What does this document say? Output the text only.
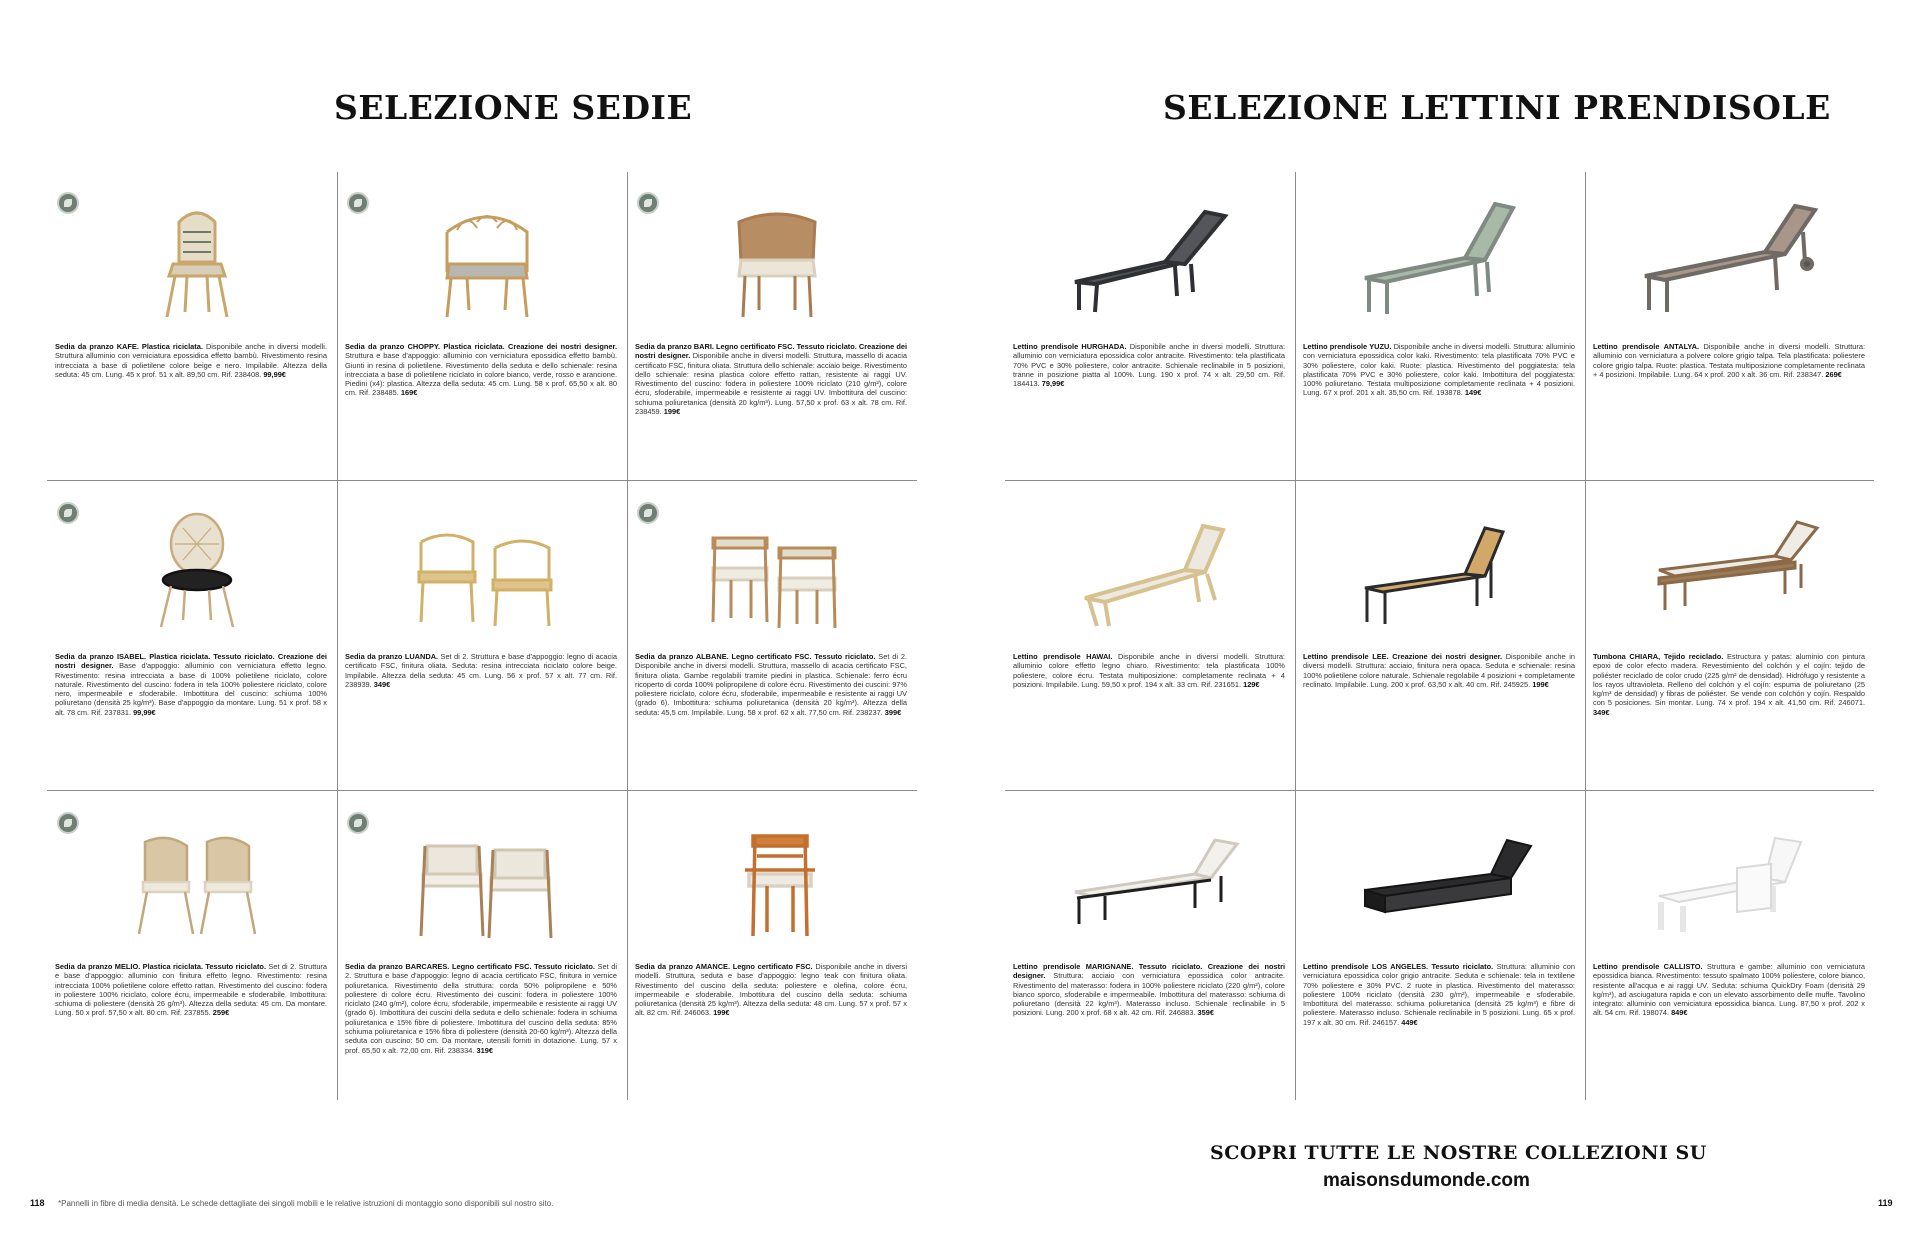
SELEZIONE SEDIE	SELEZIONE LETTINI PRENDISOLE
Sedia da pranzo KAFE. Plastica riciclata. Disponibile anche in diversi modelli. Struttura alluminio con verniciatura epossidica effetto bambù. Rivestimento resina intrecciata a base di polietilene colore beige e nero. Impilabile. Altezza della seduta: 45 cm. Lung. 45 x prof. 51 x alt. 89,50 cm. Rif. 238408. 99,99€
Sedia da pranzo CHOPPY. Plastica riciclata. Creazione dei nostri designer. Struttura e base d'appoggio: alluminio con verniciatura epossidica effetto bambù. Giunti in resina di polietilene. Rivestimento della seduta e dello schienale: resina intrecciata a base di polietilene riciclato in colore bianco, verde, rosso e arancione. Piedini (x4): plastica. Altezza della seduta: 45 cm. Lung. 58 x prof. 65,50 x alt. 80 cm. Rif. 238485. 169€
Sedia da pranzo BARI. Legno certificato FSC. Tessuto riciclato. Creazione dei nostri designer. Disponibile anche in diversi modelli. Struttura, massello di acacia certificato FSC, finitura oliata. Struttura dello schienale: acciaio beige. Rivestimento dello schienale: resina plastica colore effetto rattan, resistente ai raggi UV. Rivestimento del cuscino: fodera in poliestere 100% riciclato (210 g/m²), colore écru, sfoderabile, impermeabile e resistente ai raggi UV. Imbottitura del cuscino: schiuma poliuretanica (densità 20 kg/m³). Lung. 57,50 x prof. 63 x alt. 78 cm. Rif. 238459. 199€
Sedia da pranzo ISABEL. Plastica riciclata. Tessuto riciclato. Creazione dei nostri designer. Base d'appoggio: alluminio con verniciatura effetto legno. Rivestimento: resina intrecciata a base di 100% polietilene riciclato, colore naturale. Rivestimento del cuscino: fodera in tela 100% poliestere riciclato, colore nero, impermeabile e sfoderabile. Imbottitura del cuscino: schiuma 100% poliuretano (densità 25 kg/m³). Base d'appoggio da montare. Lung. 51 x prof. 58 x alt. 78 cm. Rif. 237831. 99,99€
Sedia da pranzo LUANDA. Set di 2. Struttura e base d'appoggio: legno di acacia certificato FSC, finitura oliata. Seduta: resina intrecciata riciclato colore beige. Impilabile. Altezza della seduta: 45 cm. Lung. 56 x prof. 57 x alt. 77 cm. Rif. 238939. 349€
Sedia da pranzo ALBANE. Legno certificato FSC. Tessuto riciclato. Set di 2. Disponibile anche in diversi modelli. Struttura, massello di acacia certificato FSC, finitura oliata. Gambe regolabili tramite piedini in plastica. Schienale: ferro écru ricoperto di corda 100% polipropilene di colore écru. Rivestimento dei cuscini: 97% poliestere riciclato, colore écru, sfoderabile, impermeabile e resistente ai raggi UV (grado 6). Imbottitura: schiuma poliuretanica (densità 20 kg/m³). Altezza della seduta: 45,5 cm. Impilabile. Lung. 58 x prof. 62 x alt. 77,50 cm. Rif. 238237. 399€
Sedia da pranzo MELIO. Plastica riciclata. Tessuto riciclato. Set di 2. Struttura e base d'appoggio: alluminio con finitura effetto legno. Rivestimento: resina intrecciata 100% polietilene colore effetto rattan. Rivestimento del cuscino: fodera in poliestere 100% riciclato, colore écru, impermeabile e sfoderabile. Imbottitura: schiuma di poliestere (densità 26 g/m³). Altezza della seduta: 45 cm. Da montare. Lung. 50 x prof. 57,50 x alt. 80 cm. Rif. 237855. 259€
Sedia da pranzo BARCARES. Legno certificato FSC. Tessuto riciclato. Set di 2. Struttura e base d'appoggio: legno di acacia certificato FSC, finitura in vernice poliuretanica. Rivestimento della struttura: corda 50% polipropilene e 50% poliestere di colore écru. Rivestimento dei cuscini: fodera in poliestere 100% riciclato (240 g/m²), colore écru, sfoderabile, impermeabile e resistente ai raggi UV (grado 6). Imbottitura dei cuscini della seduta e dello schienale: fodera in schiuma poliuretanica e 15% fibre di poliestere. Imbottitura del cuscino della seduta: 85% schiuma poliuretanica e 15% fibra di poliestere (densità 20-60 kg/m³). Altezza della seduta con cuscino: 50 cm. Da montare, utensili forniti in dotazione. Lung. 57 x prof. 65,50 x alt. 72,00 cm. Rif. 238334. 319€
Sedia da pranzo AMANCE. Legno certificato FSC. Disponibile anche in diversi modelli. Struttura, seduta e base d'appoggio: legno teak con finitura oliata. Rivestimento del cuscino della seduta: poliestere e olefina, colore écru, impermeabile e sfoderabile. Imbottitura del cuscino della seduta: schiuma poliuretanica (densità 25 kg/m³). Altezza della seduta: 48 cm. Lung. 57 x prof. 57 x alt. 82 cm. Rif. 246063. 199€
Lettino prendisole HURGHADA. Disponibile anche in diversi modelli. Struttura: alluminio con verniciatura epossidica color antracite. Rivestimento: tela plastificata 70% PVC e 30% poliestere, color antracite. Schienale reclinabile in 5 posizioni, tranne in posizione piatta al 100%. Lung. 190 x prof. 74 x alt. 29,50 cm. Rif. 184413. 79,99€
Lettino prendisole YUZU. Disponibile anche in diversi modelli. Struttura: alluminio con verniciatura epossidica color kaki. Rivestimento: tela plastificata 70% PVC e 30% poliestere, color kaki. Ruote: plastica. Rivestimento del poggiatesta: tela plastificata 70% PVC e 30% poliestere, color kaki. Imbottitura del poggiatesta: 100% poliuretano. Testata multiposizione completamente reclinata + 4 posizioni. Lung. 67 x prof. 201 x alt. 35,50 cm. Rif. 193878. 149€
Lettino prendisole ANTALYA. Disponibile anche in diversi modelli. Struttura: alluminio con verniciatura a polvere colore grigio talpa. Tela plastificata: poliestere colore grigio talpa. Ruote: plastica. Testata multiposizione completamente reclinata + 4 posizioni. Impilabile. Lung. 64 x prof. 200 x alt. 36 cm. Rif. 238347. 269€
Lettino prendisole HAWAI. Disponibile anche in diversi modelli. Struttura: alluminio colore effetto legno chiaro. Rivestimento: tela plastificata 100% poliestere, colore écru. Testata multiposizione: completamente reclinata + 4 posizioni. Impilabile. Lung. 59,50 x prof. 194 x alt. 33 cm. Rif. 231651. 129€
Lettino prendisole LEE. Creazione dei nostri designer. Disponibile anche in diversi modelli. Struttura: acciaio, finitura nera opaca. Seduta e schienale: resina 100% polietilene colore naturale. Schienale regolabile 4 posizioni + completamente reclinato. Impilabile. Lung. 200 x prof. 63,50 x alt. 40 cm. Rif. 245925. 199€
Tumbona CHIARA, Tejido reciclado. Estructura y patas: aluminio con pintura epoxi de color efecto madera. Revestimiento del colchón y el cojín: tejido de poliéster reciclado de color crudo (225 g/m² de densidad). Hidrófugo y resistente a los rayos ultravioleta. Relleno del colchón y el cojín: espuma de poliuretano (25 kg/m³ de densidad) y fibras de poliéster. Se vende con colchón y cojín. Respaldo con 5 posiciones. Sin montar. Lung. 74 x prof. 194 x alt. 41,50 cm. Rif. 246071. 349€
Lettino prendisole MARIGNANE. Tessuto riciclato. Creazione dei nostri designer. Struttura: acciaio con verniciatura epossidica color antracite. Rivestimento del materasso: fodera in 100% poliestere riciclato (220 g/m²), colore bianco sporco, sfoderabile e impermeabile. Imbottitura del materasso: schiuma di poliuretano (densità 22 kg/m³). Materasso incluso. Schienale reclinabile in 5 posizioni. Lung. 200 x prof. 68 x alt. 42 cm. Rif. 246883. 359€
Lettino prendisole LOS ANGELES. Tessuto riciclato. Struttura: alluminio con verniciatura epossidica color grigio antracite. Seduta e schienale: tela in textilene 70% poliestere e 30% PVC. 2 ruote in plastica. Rivestimento del materasso: poliestere 100% riciclato (densità 230 g/m²), impermeabile e sfoderabile. Imbottitura del materasso: schiuma poliuretanica (densità 25 kg/m³) e fibre di poliestere. Materasso incluso. Schienale reclinabile in 5 posizioni. Lung. 65 x prof. 197 x alt. 30 cm. Rif. 246157. 449€
Lettino prendisole CALLISTO. Struttura e gambe: alluminio con verniciatura epossidica bianca. Rivestimento: tessuto spalmato 100% poliestere, colore bianco, resistente all'acqua e ai raggi UV. Seduta: schiuma QuickDry Foam (densità 29 kg/m³), ad asciugatura rapida e con un elevato assorbimento delle muffe. Tavolino integrato: alluminio con verniciatura epossidica bianca. Lung. 87,50 x prof. 202 x alt. 54 cm. Rif. 198074. 849€
SCOPRI TUTTE LE NOSTRE COLLEZIONI SU
maisonsdumonde.com
118 *Pannelli in fibre di media densità. Le schede dettagliate dei singoli mobili e le relative istruzioni di montaggio sono disponibili sul nostro sito.	119
